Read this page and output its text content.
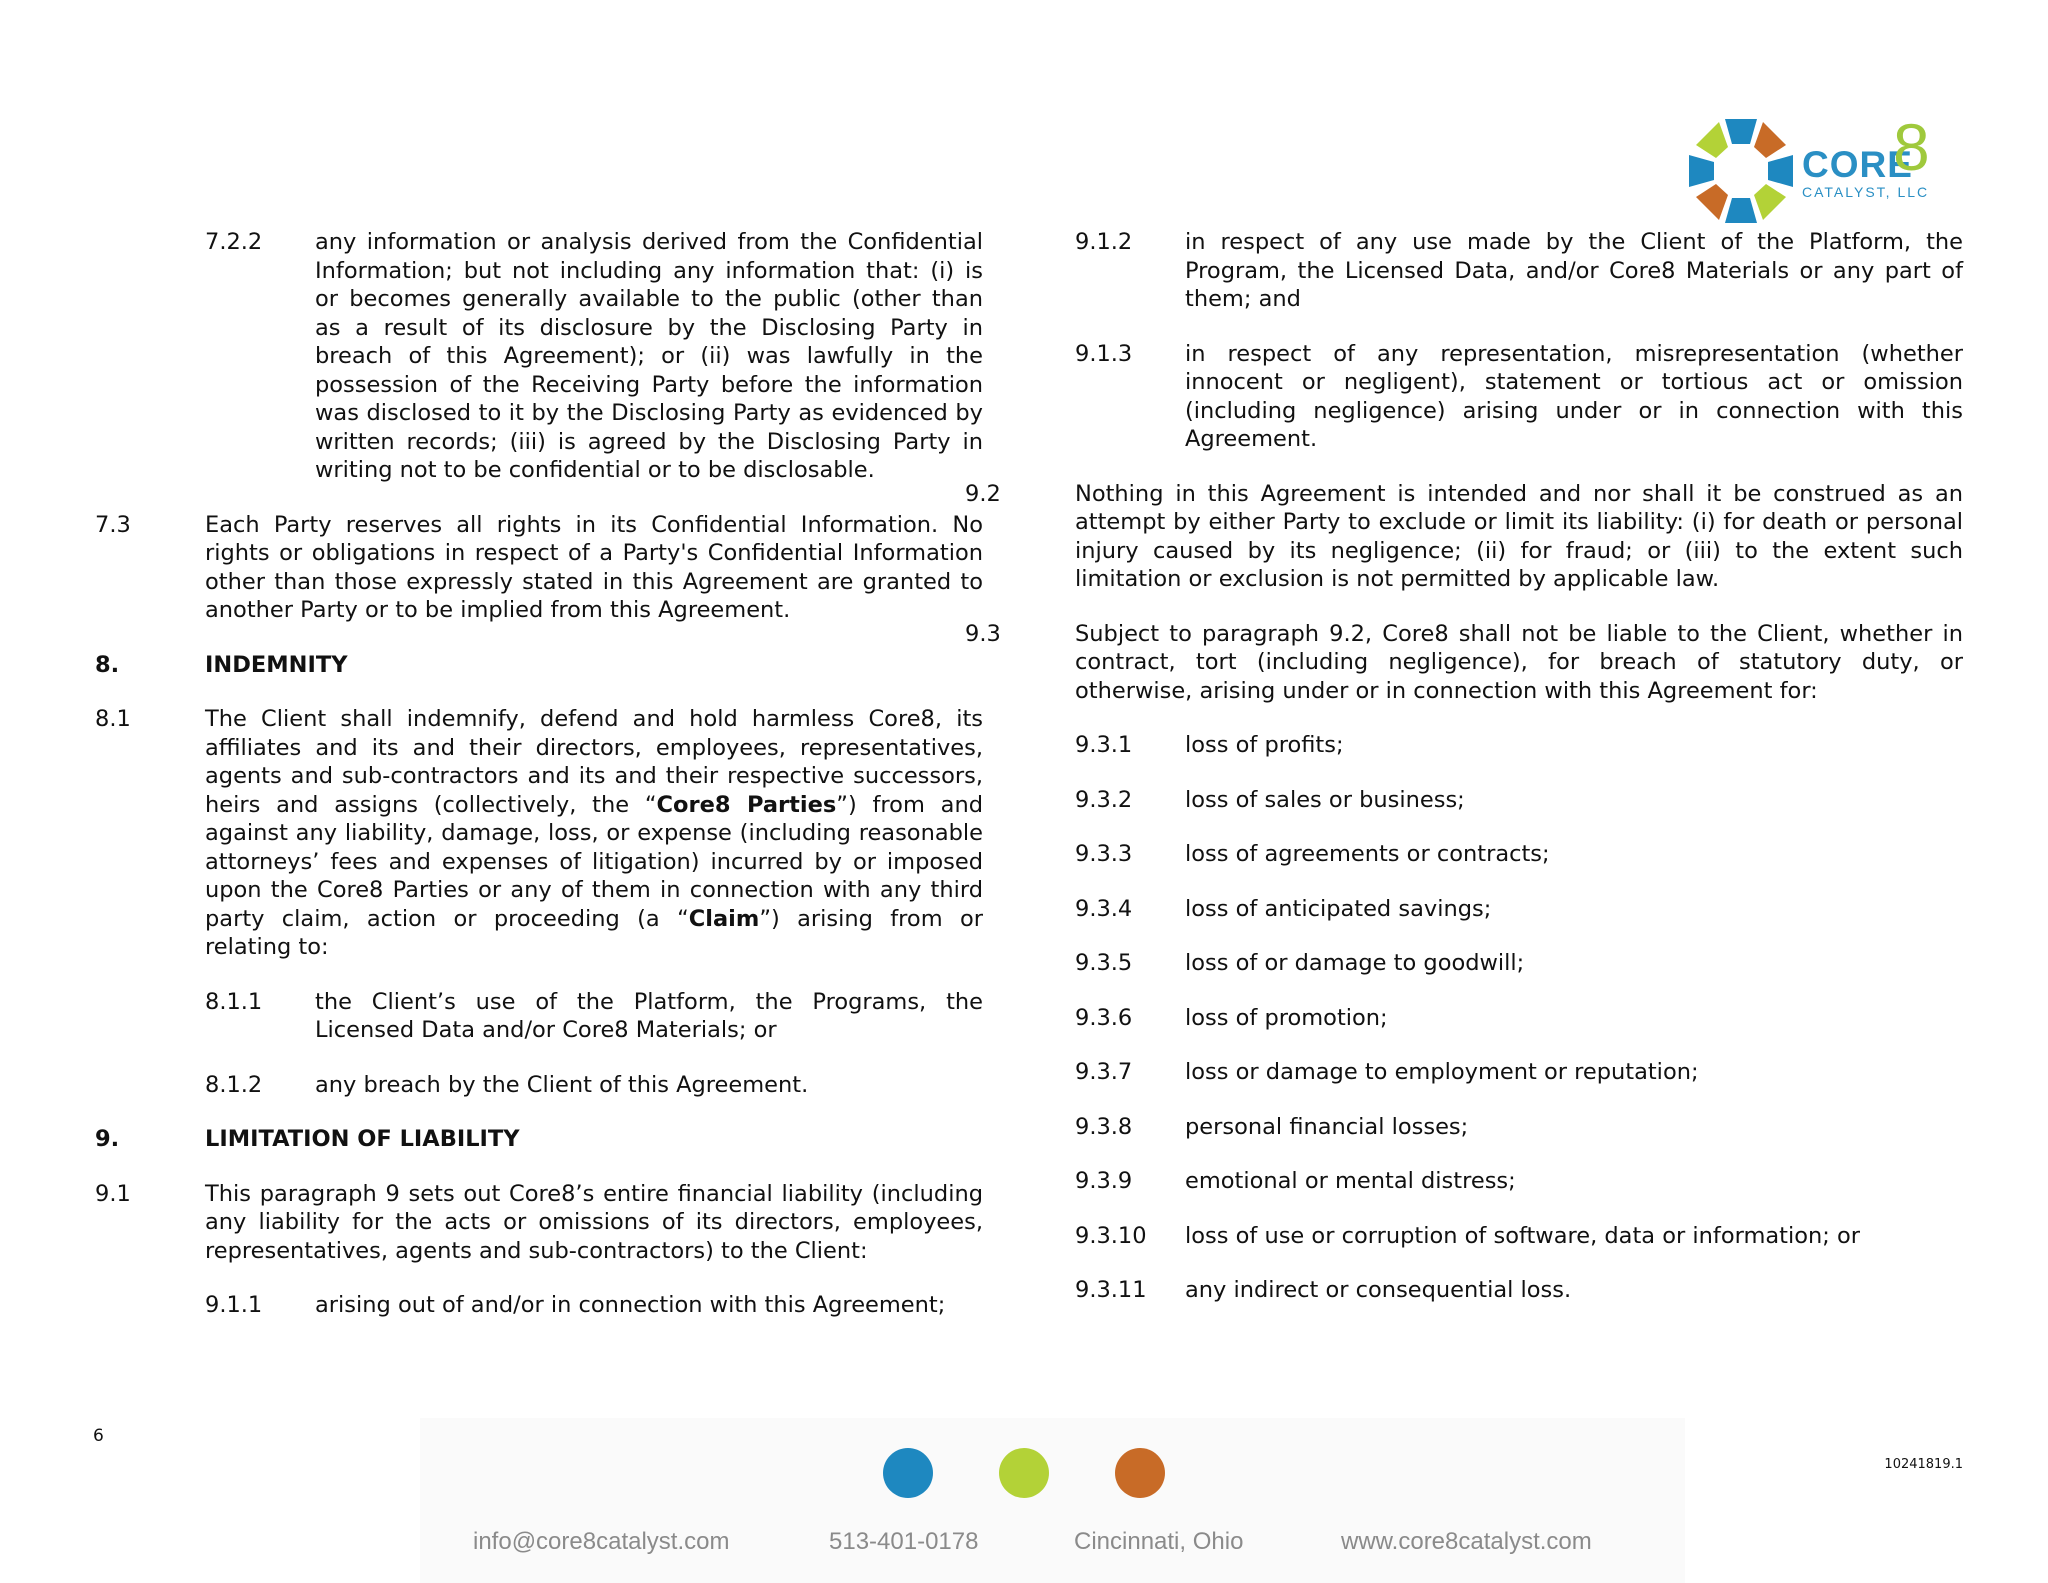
CORE
8
CATALYST, LLC
7.2.2 any information or analysis derived from the Confidential Information; but not including any information that: (i) is or becomes generally available to the public (other than as a result of its disclosure by the Disclosing Party in breach of this Agreement); or (ii) was lawfully in the possession of the Receiving Party before the information was disclosed to it by the Disclosing Party as evidenced by written records; (iii) is agreed by the Disclosing Party in writing not to be confidential or to be disclosable.
7.3	Each Party reserves all rights in its Confidential Information. No rights or obligations in respect of a Party's Confidential Information other than those expressly stated in this Agreement are granted to another Party or to be implied from this Agreement.
8.	INDEMNITY
8.1	The Client shall indemnify, defend and hold harmless Core8, its affiliates and its and their directors, employees, representatives, agents and sub-contractors and its and their respective successors, heirs and assigns (collectively, the “Core8 Parties”) from and against any liability, damage, loss, or expense (including reasonable attorneys’ fees and expenses of litigation) incurred by or imposed upon the Core8 Parties or any of them in connection with any third party claim, action or proceeding (a “Claim”) arising from or relating to:
8.1.1 the Client’s use of the Platform, the Programs, the Licensed Data and/or Core8 Materials; or
8.1.2 any breach by the Client of this Agreement.
9.	LIMITATION OF LIABILITY
9.1	This paragraph 9 sets out Core8’s entire financial liability (including any liability for the acts or omissions of its directors, employees, representatives, agents and sub-contractors) to the Client:
9.1.1 arising out of and/or in connection with this Agreement;
9.1.2 in respect of any use made by the Client of the Platform, the Program, the Licensed Data, and/or Core8 Materials or any part of them; and
9.1.3 in respect of any representation, misrepresentation (whether innocent or negligent), statement or tortious act or omission (including negligence) arising under or in connection with this Agreement.
9.2	Nothing in this Agreement is intended and nor shall it be construed as an attempt by either Party to exclude or limit its liability: (i) for death or personal injury caused by its negligence; (ii) for fraud; or (iii) to the extent such limitation or exclusion is not permitted by applicable law.
9.3	Subject to paragraph 9.2, Core8 shall not be liable to the Client, whether in contract, tort (including negligence), for breach of statutory duty, or otherwise, arising under or in connection with this Agreement for:
9.3.1 loss of profits;
9.3.2 loss of sales or business;
9.3.3 loss of agreements or contracts;
9.3.4 loss of anticipated savings;
9.3.5 loss of or damage to goodwill;
9.3.6 loss of promotion;
9.3.7 loss or damage to employment or reputation;
9.3.8 personal financial losses;
9.3.9 emotional or mental distress;
9.3.10 loss of use or corruption of software, data or information; or
9.3.11 any indirect or consequential loss.
6
10241819.1
info@core8catalyst.com	513-401-0178	Cincinnati, Ohio	www.core8catalyst.com
